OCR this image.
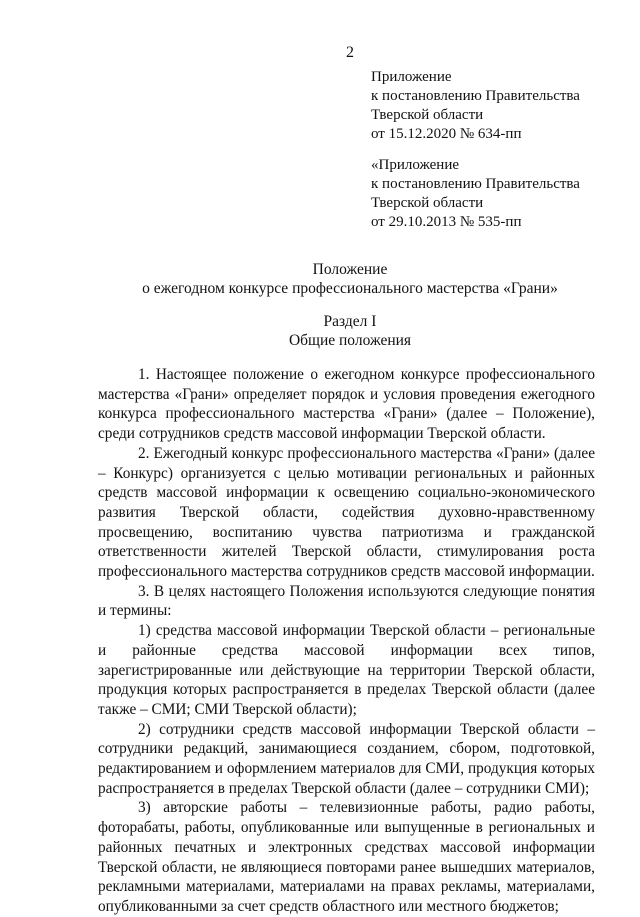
2
Приложение
к постановлению Правительства
Тверской области
от 15.12.2020 № 634-пп
«Приложение
к постановлению Правительства
Тверской области
от 29.10.2013 № 535-пп
Положение
о ежегодном конкурсе профессионального мастерства «Грани»
Раздел I
Общие положения

1. Настоящее положение о ежегодном конкурсе профессионального мастерства «Грани» определяет порядок и условия проведения ежегодного конкурса профессионального мастерства «Грани» (далее – Положение), среди сотрудников средств массовой информации Тверской области.

2. Ежегодный конкурс профессионального мастерства «Грани» (далее – Конкурс) организуется с целью мотивации региональных и районных средств массовой информации к освещению социально-экономического развития Тверской области, содействия духовно-нравственному просвещению, воспитанию чувства патриотизма и гражданской ответственности жителей Тверской области, стимулирования роста профессионального мастерства сотрудников средств массовой информации.

3. В целях настоящего Положения используются следующие понятия и термины:

1) средства массовой информации Тверской области – региональные и районные средства массовой информации всех типов, зарегистрированные или действующие на территории Тверской области, продукция которых распространяется в пределах Тверской области (далее также – СМИ; СМИ Тверской области);

2) сотрудники средств массовой информации Тверской области – сотрудники редакций, занимающиеся созданием, сбором, подготовкой, редактированием и оформлением материалов для СМИ, продукция которых распространяется в пределах Тверской области (далее – сотрудники СМИ);

3) авторские работы – телевизионные работы, радио работы, фоторабаты, работы, опубликованные или выпущенные в региональных и районных печатных и электронных средствах массовой информации Тверской области, не являющиеся повторами ранее вышедших материалов, рекламными материалами, материалами на правах рекламы, материалами, опубликованными за счет средств областного или местного бюджетов;
